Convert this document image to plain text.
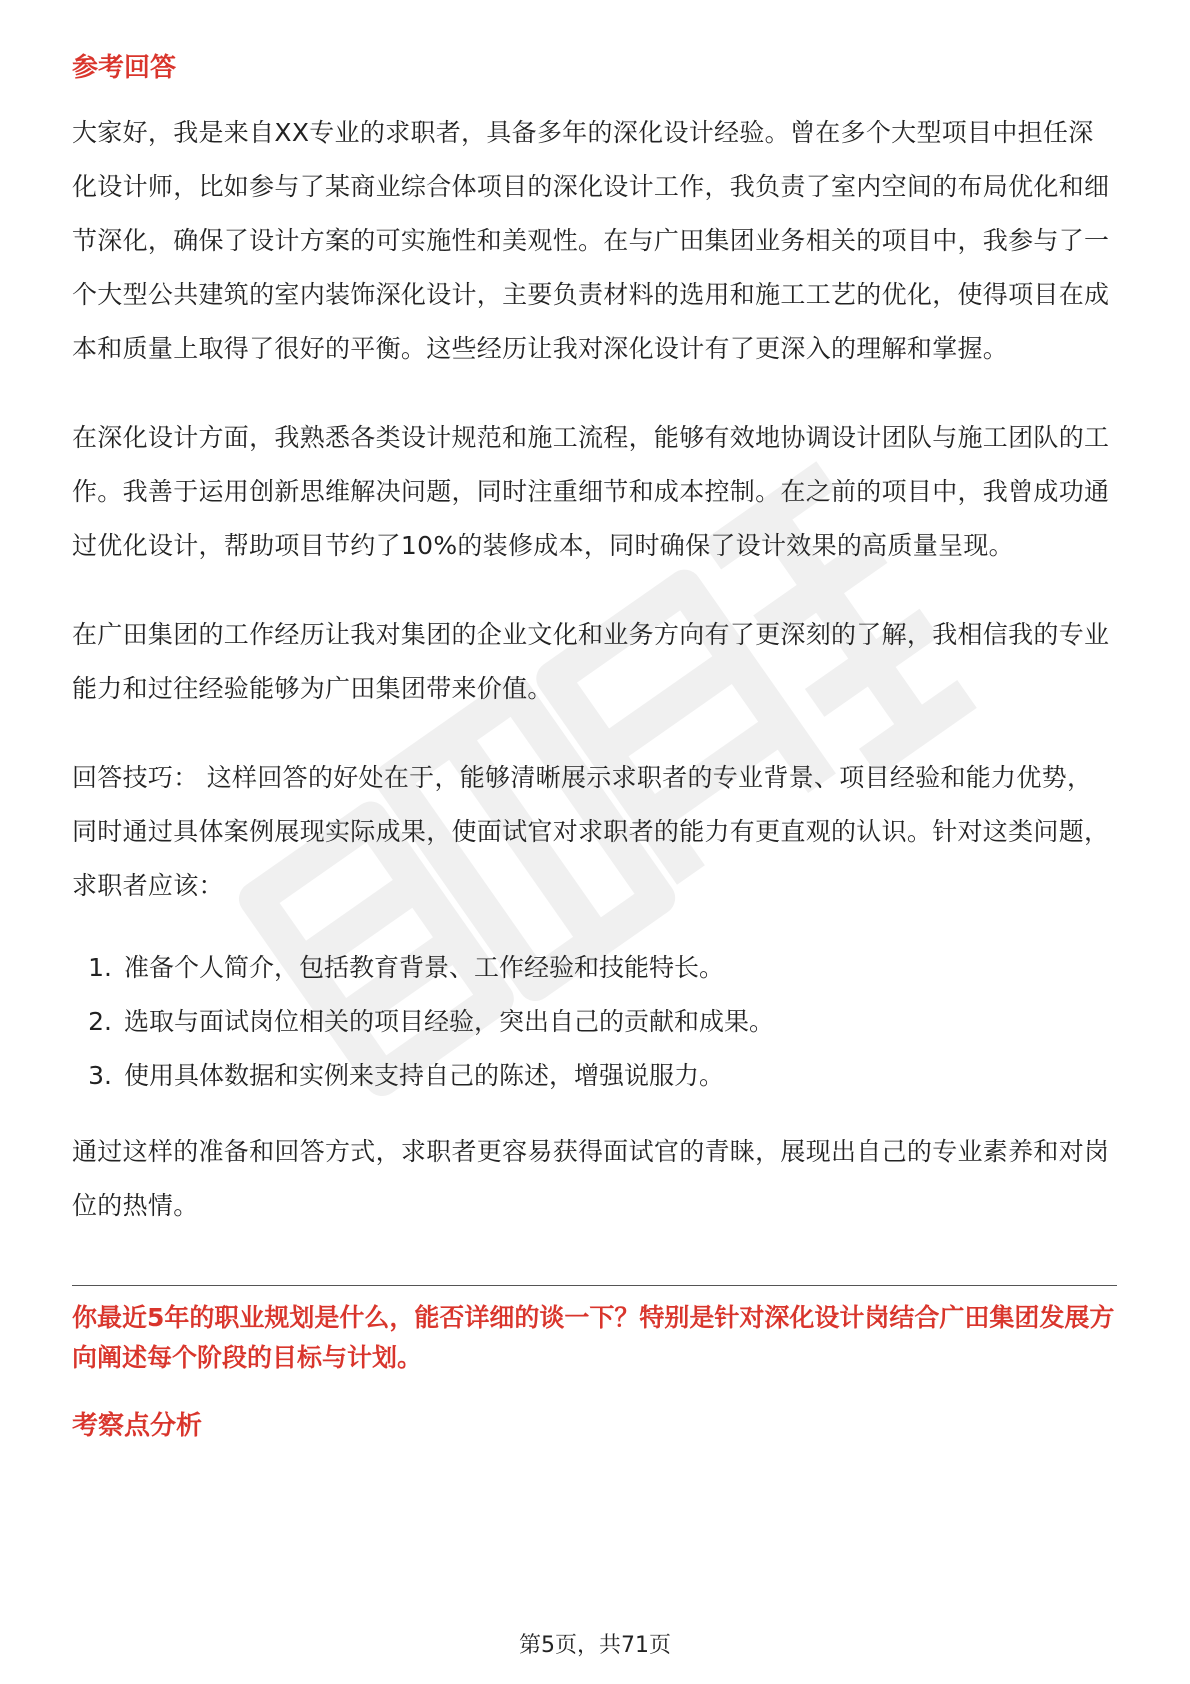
参考回答

大家好，我是来自XX专业的求职者，具备多年的深化设计经验。曾在多个大型项目中担任深化设计师，比如参与了某商业综合体项目的深化设计工作，我负责了室内空间的布局优化和细节深化，确保了设计方案的可实施性和美观性。在与广田集团业务相关的项目中，我参与了一个大型公共建筑的室内装饰深化设计，主要负责材料的选用和施工工艺的优化，使得项目在成本和质量上取得了很好的平衡。这些经历让我对深化设计有了更深入的理解和掌握。

在深化设计方面，我熟悉各类设计规范和施工流程，能够有效地协调设计团队与施工团队的工作。我善于运用创新思维解决问题，同时注重细节和成本控制。在之前的项目中，我曾成功通过优化设计，帮助项目节约了10%的装修成本，同时确保了设计效果的高质量呈现。

在广田集团的工作经历让我对集团的企业文化和业务方向有了更深刻的了解，我相信我的专业能力和过往经验能够为广田集团带来价值。

回答技巧： 这样回答的好处在于，能够清晰展示求职者的专业背景、项目经验和能力优势，同时通过具体案例展现实际成果，使面试官对求职者的能力有更直观的认识。针对这类问题，求职者应该：

1. 准备个人简介，包括教育背景、工作经验和技能特长。
2. 选取与面试岗位相关的项目经验，突出自己的贡献和成果。
3. 使用具体数据和实例来支持自己的陈述，增强说服力。

通过这样的准备和回答方式，求职者更容易获得面试官的青睐，展现出自己的专业素养和对岗位的热情。

你最近5年的职业规划是什么，能否详细的谈一下？特别是针对深化设计岗结合广田集团发展方向阐述每个阶段的目标与计划。

考察点分析
第5页，共71页
